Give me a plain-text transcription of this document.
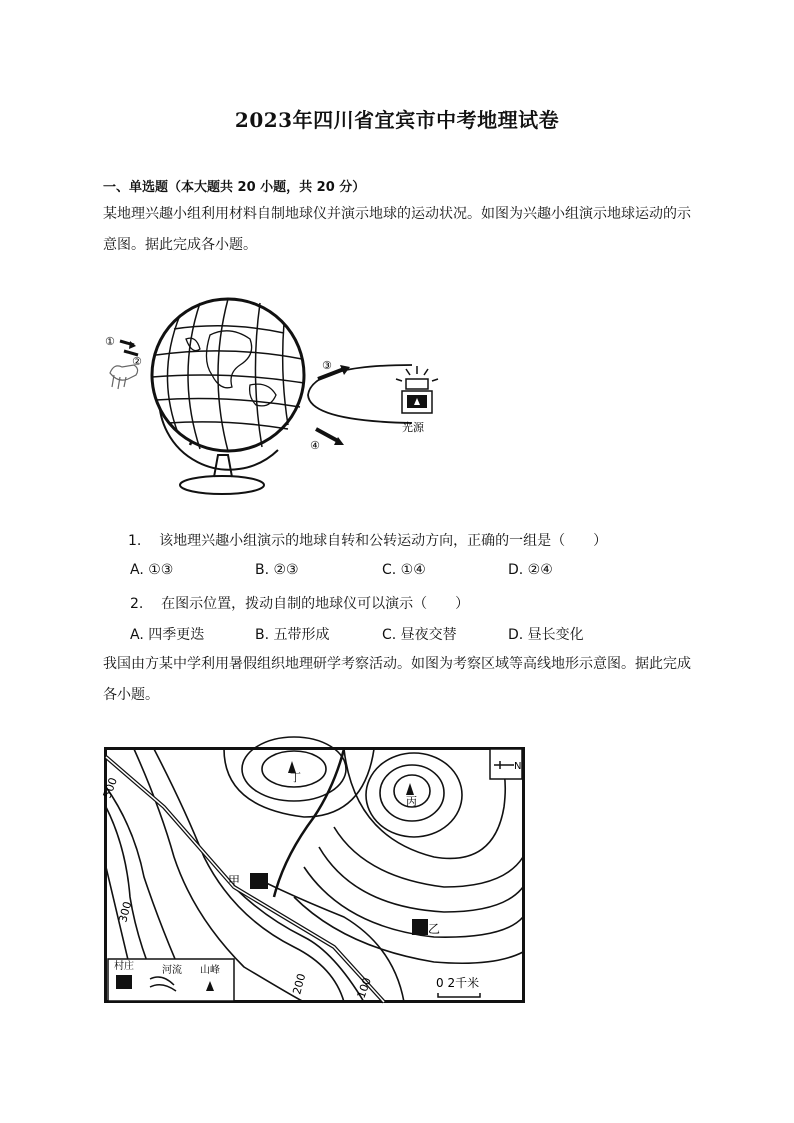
2023年四川省宜宾市中考地理试卷
一、单选题（本大题共 20 小题，共 20 分）
某地理兴趣小组利用材料自制地球仪并演示地球的运动状况。如图为兴趣小组演示地球运动的示
意图。据此完成各小题。
①
②	③
④
光源
1. 该地理兴趣小组演示的地球自转和公转运动方向，正确的一组是（　　）
A. ①③	B. ②③	C. ①④	D. ②④
2. 在图示位置，拨动自制的地球仪可以演示（　　）
A. 四季更迭	B. 五带形成	C. 昼夜交替	D. 昼长变化
我国由方某中学利用暑假组织地理研学考察活动。如图为考察区域等高线地形示意图。据此完成
各小题。
丁
丙
甲
乙
500
300
200	100
N
0 2千米
村庄	河流 山峰
